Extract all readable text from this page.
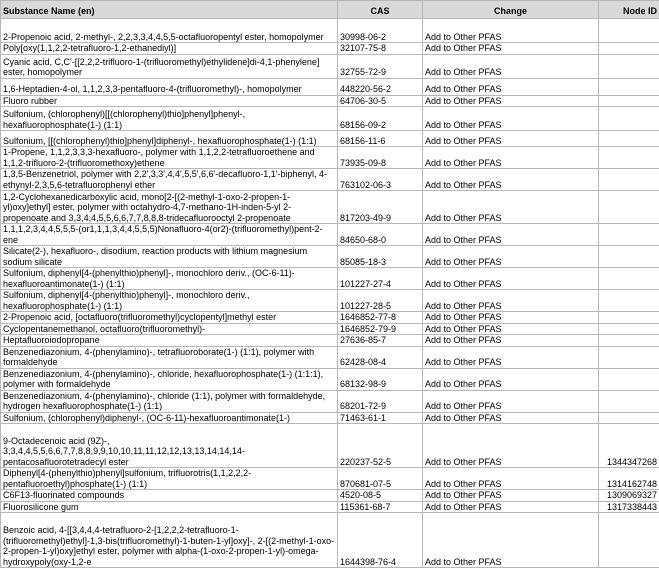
Substance Name (en)	CAS	Change	Node ID
2-Propenoic acid, 2-methyl-, 2,2,3,3,4,4,5,5-octafluoropentyl ester, homopolymer	30998-06-2	Add to Other PFAS	
Poly[oxy(1,1,2,2-tetrafluoro-1,2-ethanediyl)]	32107-75-8	Add to Other PFAS	
Cyanic acid, C,C'-[[2,2,2-trifluoro-1-(trifluoromethyl)ethylidene]di-4,1-phenylene] ester, homopolymer	32755-72-9	Add to Other PFAS	
1,6-Heptadien-4-ol, 1,1,2,3,3-pentafluoro-4-(trifluoromethyl)-, homopolymer	448220-56-2	Add to Other PFAS	
Fluoro rubber	64706-30-5	Add to Other PFAS	
Sulfonium, (chlorophenyl)[[(chlorophenyl)thio]phenyl]phenyl-, hexafluorophosphate(1-) (1:1)	68156-09-2	Add to Other PFAS	
Sulfonium, [[(chlorophenyl)thio]phenyl]diphenyl-, hexafluorophosphate(1-) (1:1)	68156-11-6	Add to Other PFAS	
1-Propene, 1,1,2,3,3,3-hexafluoro-, polymer with 1,1,2,2-tetrafluoroethene and 1,1,2-trifluoro-2-(trifluoromethoxy)ethene	73935-09-8	Add to Other PFAS	
1,3,5-Benzenetriol, polymer with 2,2',3,3',4,4',5,5',6,6'-decafluoro-1,1'-biphenyl, 4-ethynyl-2,3,5,6-tetrafluorophenyl ether	763102-06-3	Add to Other PFAS	
1,2-Cyclohexanedicarboxylic acid, mono[2-[(2-methyl-1-oxo-2-propen-1-yl)oxy]ethyl] ester, polymer with octahydro-4,7-methano-1H-inden-5-yl 2-propenoate and 3,3,4,4,5,5,6,6,7,7,8,8,8-tridecafluorooctyl 2-propenoate	817203-49-9	Add to Other PFAS	
1,1,1,2,3,4,4,5,5,5-(or1,1,1,3,4,4,5,5,5)Nonafluoro-4(or2)-(trifluoromethyl)pent-2-ene	84650-68-0	Add to Other PFAS	
Silicate(2-), hexafluoro-, disodium, reaction products with lithium magnesium sodium silicate	85085-18-3	Add to Other PFAS	
Sulfonium, diphenyl[4-(phenylthio)phenyl]-, monochloro deriv., (OC-6-11)-hexafluoroantimonate(1-) (1:1)	101227-27-4	Add to Other PFAS	
Sulfonium, diphenyl[4-(phenylthio)phenyl]-, monochloro deriv., hexafluorophosphate(1-) (1:1)	101227-28-5	Add to Other PFAS	
2-Propenoic acid, [octafluoro(trifluoromethyl)cyclopentyl]methyl ester	1646852-77-8	Add to Other PFAS	
Cyclopentanemethanol, octafluoro(trifluoromethyl)-	1646852-79-9	Add to Other PFAS	
Heptafluoroiodopropane	27636-85-7	Add to Other PFAS	
Benzenediazonium, 4-(phenylamino)-, tetrafluoroborate(1-) (1:1), polymer with formaldehyde	62428-08-4	Add to Other PFAS	
Benzenediazonium, 4-(phenylamino)-, chloride, hexafluorophosphate(1-) (1:1:1), polymer with formaldehyde	68132-98-9	Add to Other PFAS	
Benzenediazonium, 4-(phenylamino)-, chloride (1:1), polymer with formaldehyde, hydrogen hexafluorophosphate(1-) (1:1)	68201-72-9	Add to Other PFAS	
Sulfonium, (chlorophenyl)diphenyl-, (OC-6-11)-hexafluoroantimonate(1-)	71463-61-1	Add to Other PFAS	
9-Octadecenoic acid (9Z)-, 3,3,4,4,5,5,6,6,7,7,8,8,9,9,10,10,11,11,12,12,13,13,14,14,14-pentacosafluorotetradecyl ester	220237-52-5	Add to Other PFAS	1344347268
Diphenyl[4-(phenylthio)phenyl]sulfonium, trifluorotris(1,1,2,2,2-pentafluoroethyl)phosphate(1-) (1:1)	870681-07-5	Add to Other PFAS	1314162748
C6F13-fluorinated compounds	4520-08-5	Add to Other PFAS	1309069327
Fluorosilicone gum	115361-68-7	Add to Other PFAS	1317338443
Benzoic acid, 4-[[3,4,4,4-tetrafluoro-2-[1,2,2,2-tetrafluoro-1-(trifluoromethyl)ethyl]-1,3-bis(trifluoromethyl)-1-buten-1-yl]oxy]-, 2-[(2-methyl-1-oxo-2-propen-1-yl)oxy]ethyl ester, polymer with alpha-(1-oxo-2-propen-1-yl)-omega-hydroxypoly(oxy-1,2-e	1644398-76-4	Add to Other PFAS	
